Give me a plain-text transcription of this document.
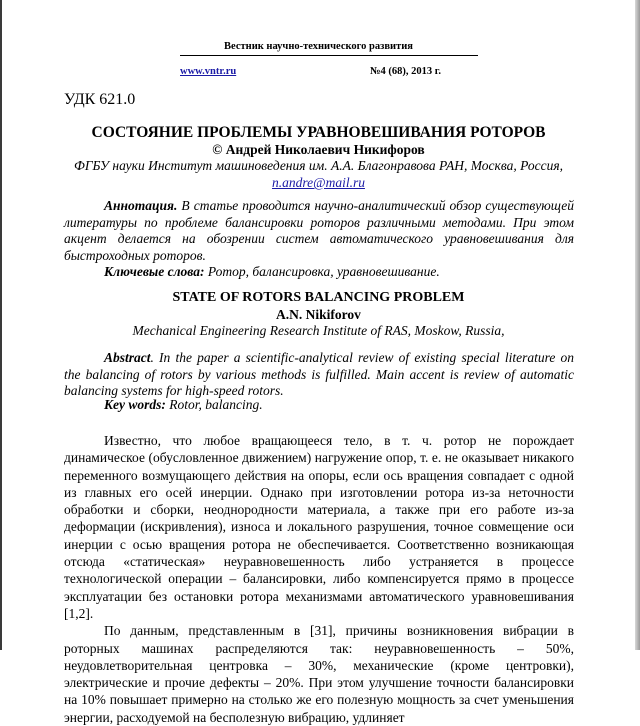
Вестник научно-технического развития
www.vntr.ru	№4 (68), 2013 г.
УДК 621.0
СОСТОЯНИЕ ПРОБЛЕМЫ УРАВНОВЕШИВАНИЯ РОТОРОВ
© Андрей Николаевич Никифоров
ФГБУ науки Институт машиноведения им. А.А. Благонравова РАН, Москва, Россия,
n.andre@mail.ru
Аннотация. В статье проводится научно-аналитический обзор существующей литературы по проблеме балансировки роторов различными методами. При этом акцент делается на обозрении систем автоматического уравновешивания для быстроходных роторов.
Ключевые слова: Ротор, балансировка, уравновешивание.
STATE OF ROTORS BALANCING PROBLEM
A.N. Nikiforov
Mechanical Engineering Research Institute of RAS, Moskow, Russia,
Abstract. In the paper a scientific-analytical review of existing special literature on the balancing of rotors by various methods is fulfilled. Main accent is review of automatic balancing systems for high-speed rotors.
Key words: Rotor, balancing.

Известно, что любое вращающееся тело, в т. ч. ротор не порождает динамическое (обусловленное движением) нагружение опор, т. е. не оказывает никакого переменного возмущающего действия на опоры, если ось вращения совпадает с одной из главных его осей инерции. Однако при изготовлении ротора из-за неточности обработки и сборки, неоднородности материала, а также при его работе из-за деформации (искривления), износа и локального разрушения, точное совмещение оси инерции с осью вращения ротора не обеспечивается. Соответственно возникающая отсюда «статическая» неуравновешенность либо устраняется в процессе технологической операции – балансировки, либо компенсируется прямо в процессе эксплуатации без остановки ротора механизмами автоматического уравновешивания [1,2].

По данным, представленным в [31], причины возникновения вибрации в роторных машинах распределяются так: неуравновешенность – 50%, неудовлетворительная центровка – 30%, механические (кроме центровки), электрические и прочие дефекты – 20%. При этом улучшение точности балансировки на 10% повышает примерно на столько же его полезную мощность за счет уменьшения энергии, расходуемой на бесполезную вибрацию, удлиняет
